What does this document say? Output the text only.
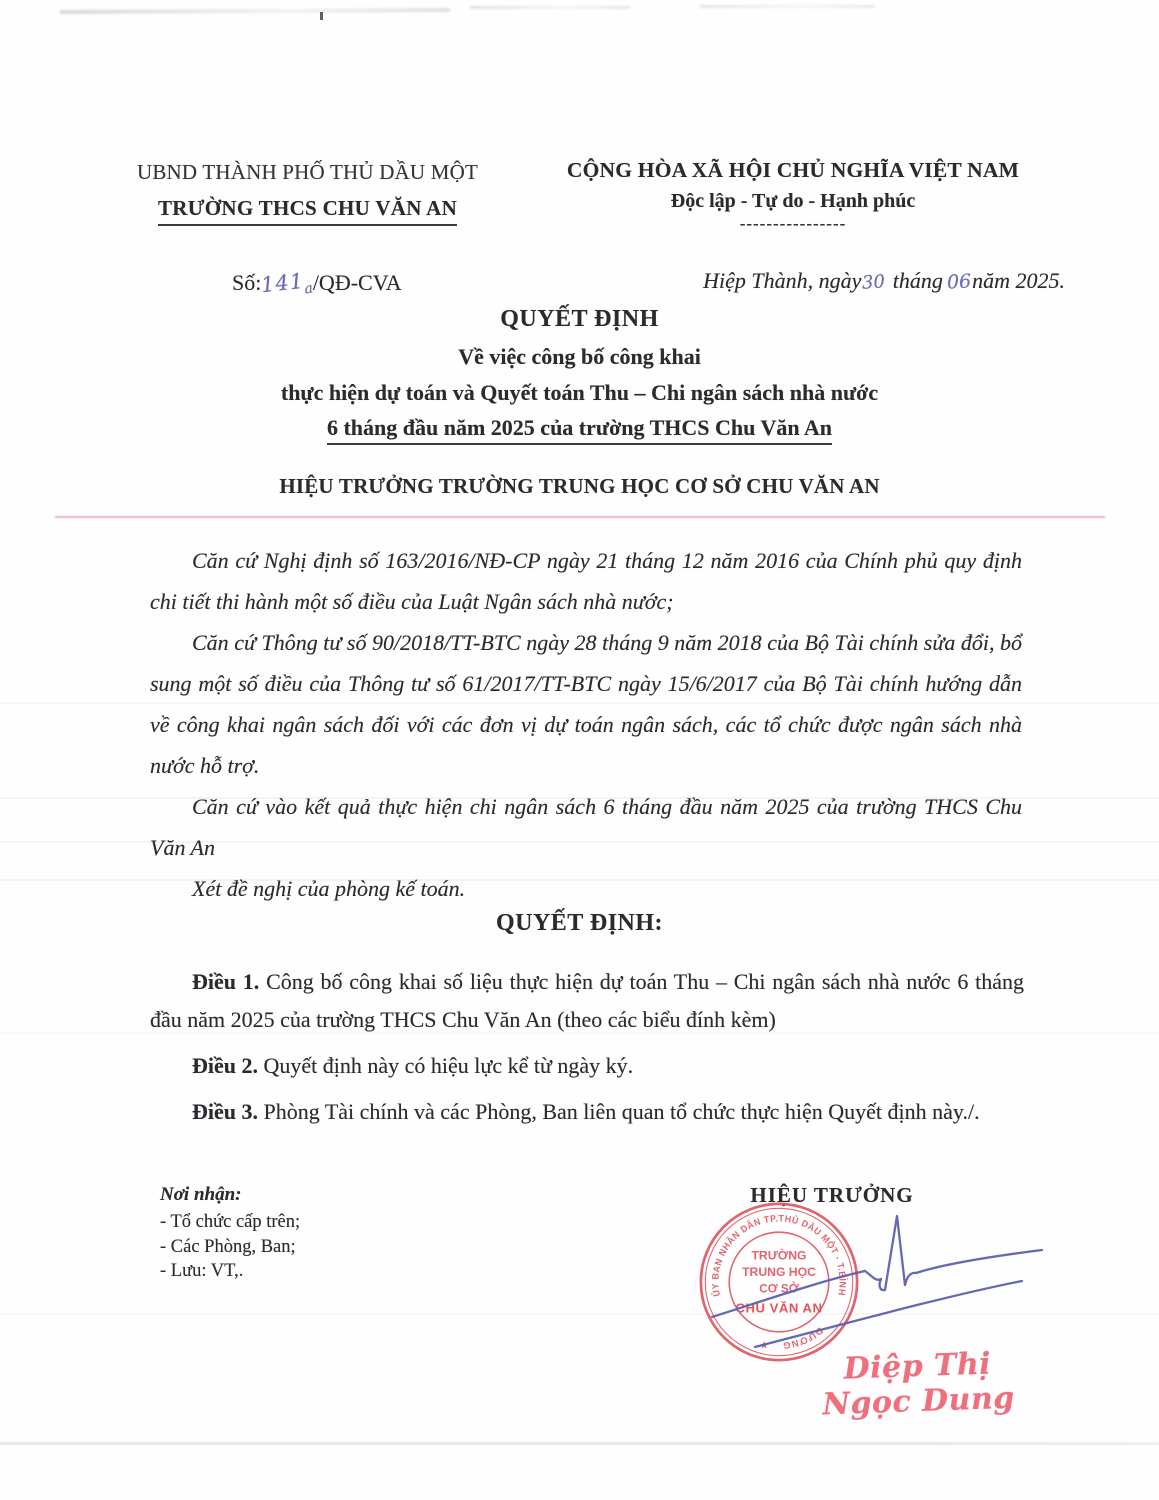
UBND THÀNH PHỐ THỦ DẦU MỘT
TRƯỜNG THCS CHU VĂN AN
CỘNG HÒA XÃ HỘI CHỦ NGHĨA VIỆT NAM
Độc lập - Tự do - Hạnh phúc
----------------
Số:141a/QĐ-CVA	Hiệp Thành, ngày30 tháng 06năm 2025.
QUYẾT ĐỊNH
Về việc công bố công khai
thực hiện dự toán và Quyết toán Thu – Chi ngân sách nhà nước
6 tháng đầu năm 2025 của trường THCS Chu Văn An
HIỆU TRƯỞNG TRƯỜNG TRUNG HỌC CƠ SỞ CHU VĂN AN

Căn cứ Nghị định số 163/2016/NĐ-CP ngày 21 tháng 12 năm 2016 của Chính phủ quy định chi tiết thi hành một số điều của Luật Ngân sách nhà nước;

Căn cứ Thông tư số 90/2018/TT-BTC ngày 28 tháng 9 năm 2018 của Bộ Tài chính sửa đổi, bổ sung một số điều của Thông tư số 61/2017/TT-BTC ngày 15/6/2017 của Bộ Tài chính hướng dẫn về công khai ngân sách đối với các đơn vị dự toán ngân sách, các tổ chức được ngân sách nhà nước hỗ trợ.

Căn cứ vào kết quả thực hiện chi ngân sách 6 tháng đầu năm 2025 của trường THCS Chu Văn An

Xét đề nghị của phòng kế toán.

QUYẾT ĐỊNH:

Điều 1. Công bố công khai số liệu thực hiện dự toán Thu – Chi ngân sách nhà nước 6 tháng đầu năm 2025 của trường THCS Chu Văn An (theo các biểu đính kèm)

Điều 2. Quyết định này có hiệu lực kể từ ngày ký.

Điều 3. Phòng Tài chính và các Phòng, Ban liên quan tổ chức thực hiện Quyết định này./.

Nơi nhận:
- Tổ chức cấp trên;
- Các Phòng, Ban;
- Lưu: VT,.
HIỆU TRƯỞNG
ỦY BAN NHÂN DÂN TP.THỦ DẦU MỘT - T.BÌNH
DƯƠNG
★
TRƯỜNG
TRUNG HỌC
CƠ SỞ
CHU VĂN AN
Diệp Thị Ngọc Dung
